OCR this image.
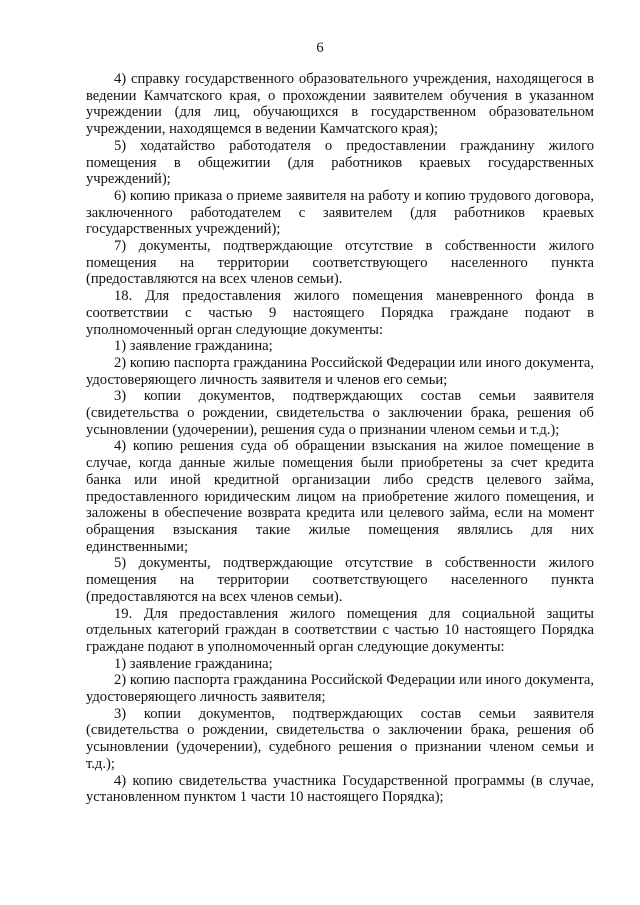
6

4) справку государственного образовательного учреждения, находящегося в ведении Камчатского края, о прохождении заявителем обучения в указанном учреждении (для лиц, обучающихся в государственном образовательном учреждении, находящемся в ведении Камчатского края);

5) ходатайство работодателя о предоставлении гражданину жилого помещения в общежитии (для работников краевых государственных учреждений);

6) копию приказа о приеме заявителя на работу и копию трудового договора, заключенного работодателем с заявителем (для работников краевых государственных учреждений);

7) документы, подтверждающие отсутствие в собственности жилого помещения на территории соответствующего населенного пункта (предоставляются на всех членов семьи).

18. Для предоставления жилого помещения маневренного фонда в соответствии с частью 9 настоящего Порядка граждане подают в уполномоченный орган следующие документы:

1) заявление гражданина;

2) копию паспорта гражданина Российской Федерации или иного документа, удостоверяющего личность заявителя и членов его семьи;

3) копии документов, подтверждающих состав семьи заявителя (свидетельства о рождении, свидетельства о заключении брака, решения об усыновлении (удочерении), решения суда о признании членом семьи и т.д.);

4) копию решения суда об обращении взыскания на жилое помещение в случае, когда данные жилые помещения были приобретены за счет кредита банка или иной кредитной организации либо средств целевого займа, предоставленного юридическим лицом на приобретение жилого помещения, и заложены в обеспечение возврата кредита или целевого займа, если на момент обращения взыскания такие жилые помещения являлись для них единственными;

5) документы, подтверждающие отсутствие в собственности жилого помещения на территории соответствующего населенного пункта (предоставляются на всех членов семьи).

19. Для предоставления жилого помещения для социальной защиты отдельных категорий граждан в соответствии с частью 10 настоящего Порядка граждане подают в уполномоченный орган следующие документы:

1) заявление гражданина;

2) копию паспорта гражданина Российской Федерации или иного документа, удостоверяющего личность заявителя;

3) копии документов, подтверждающих состав семьи заявителя (свидетельства о рождении, свидетельства о заключении брака, решения об усыновлении (удочерении), судебного решения о признании членом семьи и т.д.);

4) копию свидетельства участника Государственной программы (в случае, установленном пунктом 1 части 10 настоящего Порядка);
